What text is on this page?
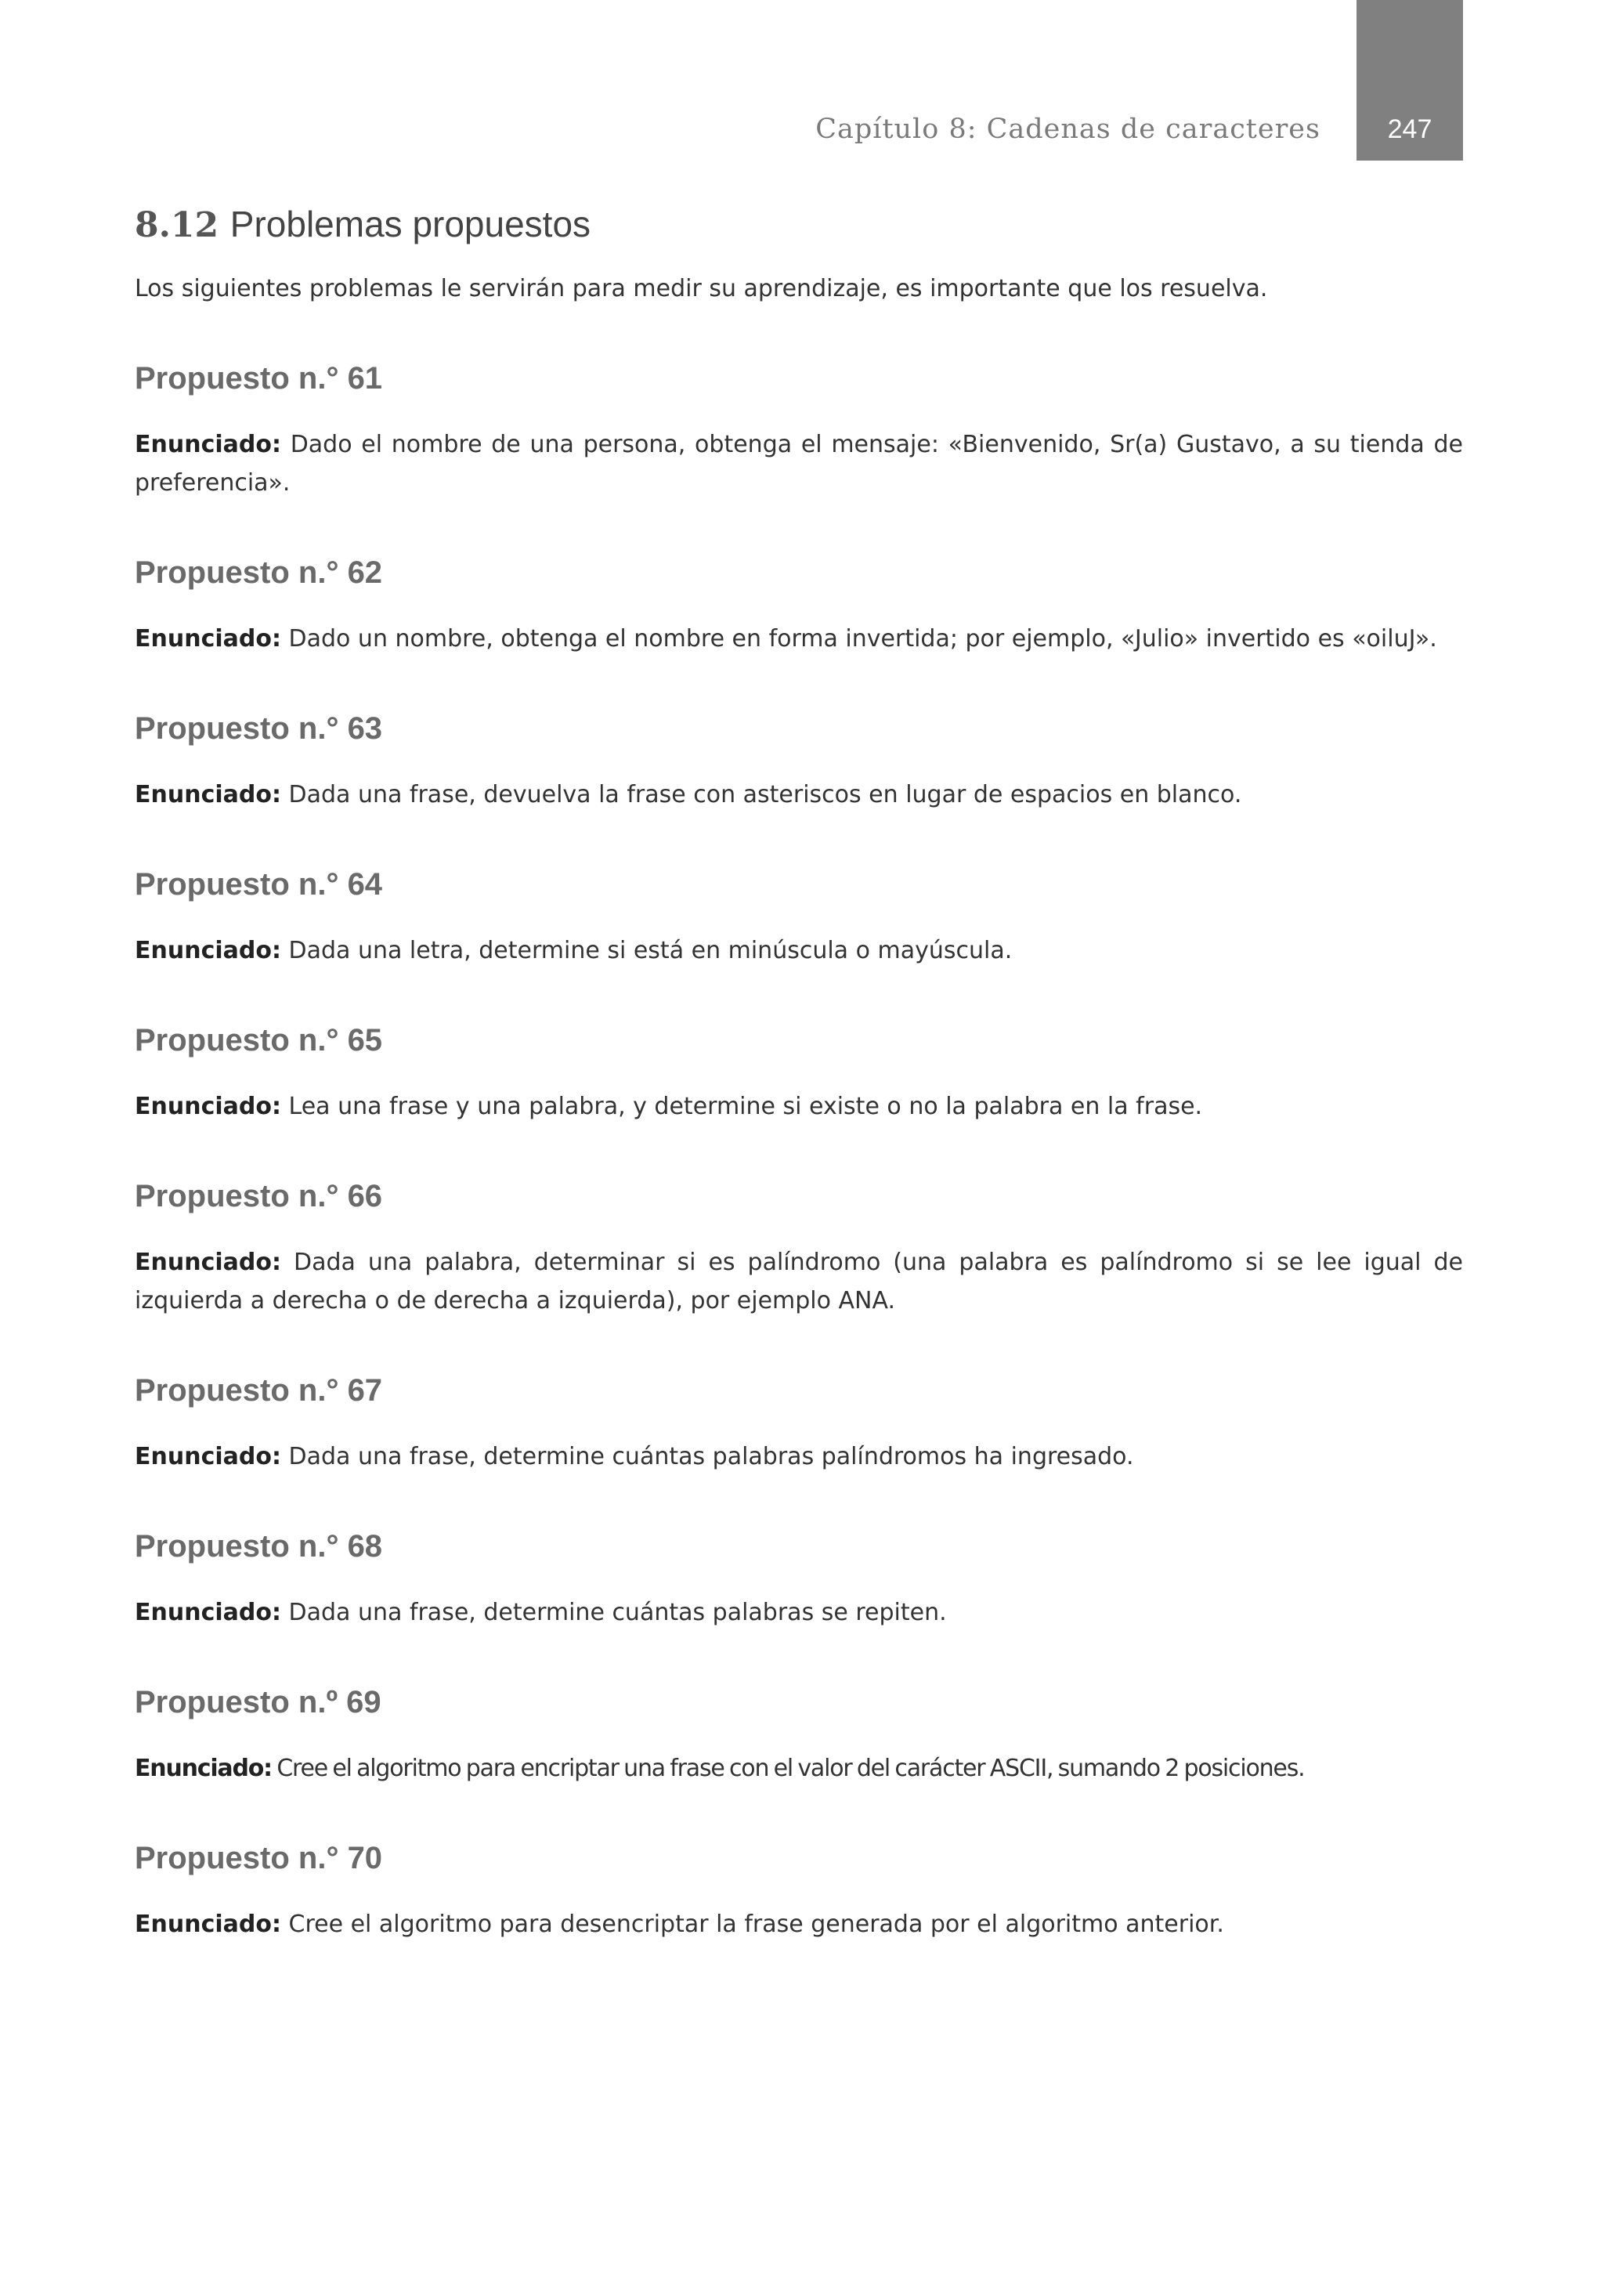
247
Capítulo 8: Cadenas de caracteres
8.12 Problemas propuestos

Los siguientes problemas le servirán para medir su aprendizaje, es importante que los resuelva.

Propuesto n.° 61

Enunciado: Dado el nombre de una persona, obtenga el mensaje: «Bienvenido, Sr(a) Gustavo, a su tienda de preferencia».

Propuesto n.° 62

Enunciado: Dado un nombre, obtenga el nombre en forma invertida; por ejemplo, «Julio» invertido es «oiluJ».

Propuesto n.° 63

Enunciado: Dada una frase, devuelva la frase con asteriscos en lugar de espacios en blanco.

Propuesto n.° 64

Enunciado: Dada una letra, determine si está en minúscula o mayúscula.

Propuesto n.° 65

Enunciado: Lea una frase y una palabra, y determine si existe o no la palabra en la frase.

Propuesto n.° 66

Enunciado: Dada una palabra, determinar si es palíndromo (una palabra es palíndromo si se lee igual de izquierda a derecha o de derecha a izquierda), por ejemplo ANA.

Propuesto n.° 67

Enunciado: Dada una frase, determine cuántas palabras palíndromos ha ingresado.

Propuesto n.° 68

Enunciado: Dada una frase, determine cuántas palabras se repiten.

Propuesto n.º 69

Enunciado: Cree el algoritmo para encriptar una frase con el valor del carácter ASCII, sumando 2 posiciones.

Propuesto n.° 70

Enunciado: Cree el algoritmo para desencriptar la frase generada por el algoritmo anterior.
